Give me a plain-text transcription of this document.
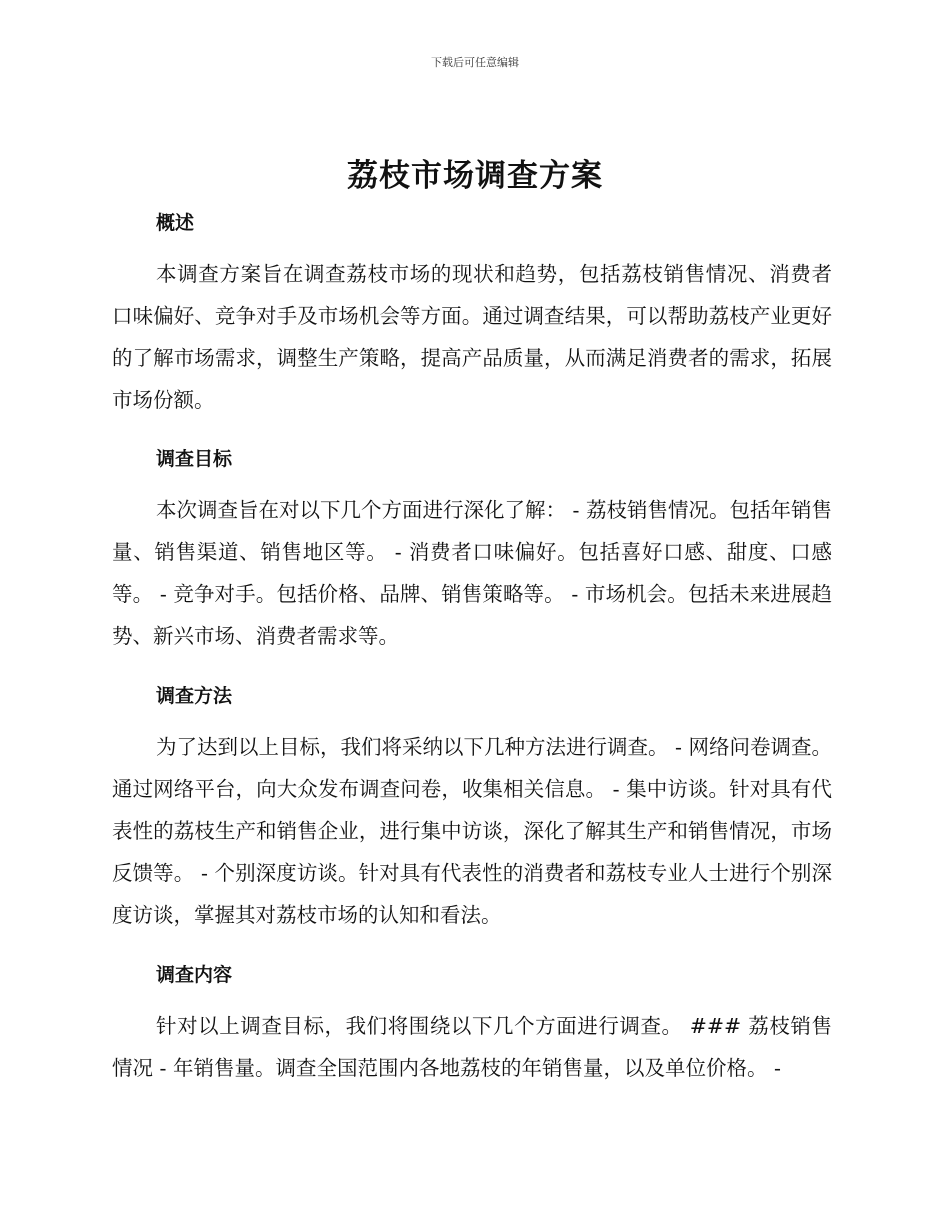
下载后可任意编辑
荔枝市场调查方案
概述

本调查方案旨在调查荔枝市场的现状和趋势，包括荔枝销售情况、消费者口味偏好、竞争对手及市场机会等方面。通过调查结果，可以帮助荔枝产业更好的了解市场需求，调整生产策略，提高产品质量，从而满足消费者的需求，拓展市场份额。

调查目标

本次调查旨在对以下几个方面进行深化了解： - 荔枝销售情况。包括年销售量、销售渠道、销售地区等。 - 消费者口味偏好。包括喜好口感、甜度、口感等。 - 竞争对手。包括价格、品牌、销售策略等。 - 市场机会。包括未来进展趋势、新兴市场、消费者需求等。

调查方法

为了达到以上目标，我们将采纳以下几种方法进行调查。 - 网络问卷调查。通过网络平台，向大众发布调查问卷，收集相关信息。 - 集中访谈。针对具有代表性的荔枝生产和销售企业，进行集中访谈，深化了解其生产和销售情况，市场反馈等。 - 个别深度访谈。针对具有代表性的消费者和荔枝专业人士进行个别深度访谈，掌握其对荔枝市场的认知和看法。

调查内容

针对以上调查目标，我们将围绕以下几个方面进行调查。 ### 荔枝销售情况 - 年销售量。调查全国范围内各地荔枝的年销售量，以及单位价格。 -
